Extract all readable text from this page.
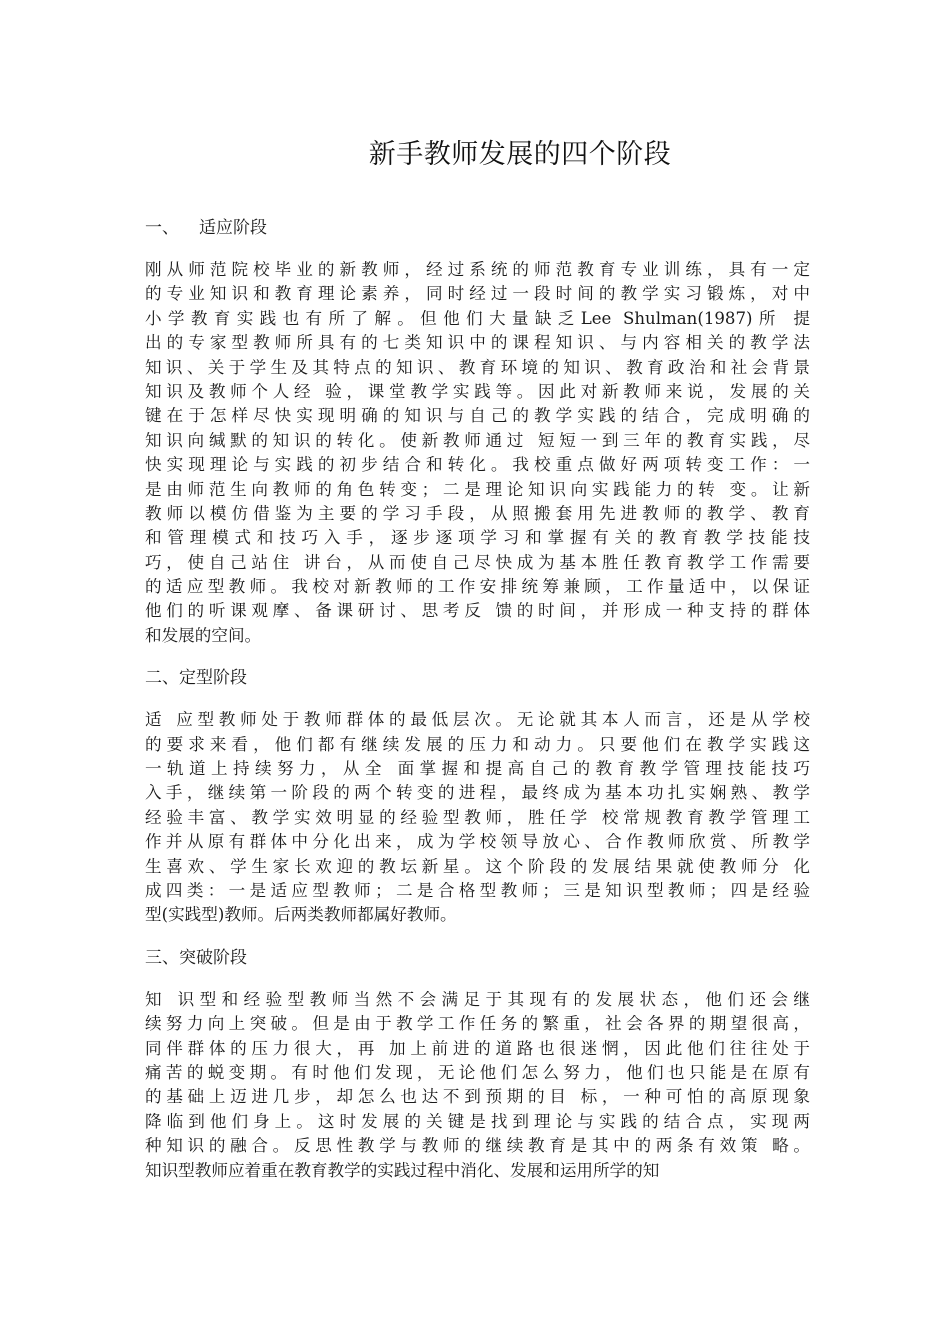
新手教师发展的四个阶段
一、 适应阶段
刚从师范院校毕业的新教师，经过系统的师范教育专业训练，具有一定
的专业知识和教育理论素养，同时经过一段时间的教学实习锻炼，对中
小学教育实践也有所了解。但他们大量缺乏Lee Shulman(1987)所 提
出的专家型教师所具有的七类知识中的课程知识、与内容相关的教学法
知识、关于学生及其特点的知识、教育环境的知识、教育政治和社会背景
知识及教师个人经 验，课堂教学实践等。因此对新教师来说，发展的关
键在于怎样尽快实现明确的知识与自己的教学实践的结合，完成明确的
知识向缄默的知识的转化。使新教师通过 短短一到三年的教育实践，尽
快实现理论与实践的初步结合和转化。我校重点做好两项转变工作：一
是由师范生向教师的角色转变；二是理论知识向实践能力的转 变。让新
教师以模仿借鉴为主要的学习手段，从照搬套用先进教师的教学、教育
和管理模式和技巧入手，逐步逐项学习和掌握有关的教育教学技能技
巧，使自己站住 讲台，从而使自己尽快成为基本胜任教育教学工作需要
的适应型教师。我校对新教师的工作安排统筹兼顾，工作量适中，以保证
他们的听课观摩、备课研讨、思考反 馈的时间，并形成一种支持的群体
和发展的空间。
二、定型阶段
适 应型教师处于教师群体的最低层次。无论就其本人而言，还是从学校
的要求来看，他们都有继续发展的压力和动力。只要他们在教学实践这
一轨道上持续努力，从全 面掌握和提高自己的教育教学管理技能技巧
入手，继续第一阶段的两个转变的进程，最终成为基本功扎实娴熟、教学
经验丰富、教学实效明显的经验型教师，胜任学 校常规教育教学管理工
作并从原有群体中分化出来，成为学校领导放心、合作教师欣赏、所教学
生喜欢、学生家长欢迎的教坛新星。这个阶段的发展结果就使教师分 化
成四类：一是适应型教师；二是合格型教师；三是知识型教师；四是经验
型(实践型)教师。后两类教师都属好教师。
三、突破阶段
知 识型和经验型教师当然不会满足于其现有的发展状态，他们还会继
续努力向上突破。但是由于教学工作任务的繁重，社会各界的期望很高，
同伴群体的压力很大，再 加上前进的道路也很迷惘，因此他们往往处于
痛苦的蜕变期。有时他们发现，无论他们怎么努力，他们也只能是在原有
的基础上迈进几步，却怎么也达不到预期的目 标，一种可怕的高原现象
降临到他们身上。这时发展的关键是找到理论与实践的结合点，实现两
种知识的融合。反思性教学与教师的继续教育是其中的两条有效策 略。
知识型教师应着重在教育教学的实践过程中消化、发展和运用所学的知
